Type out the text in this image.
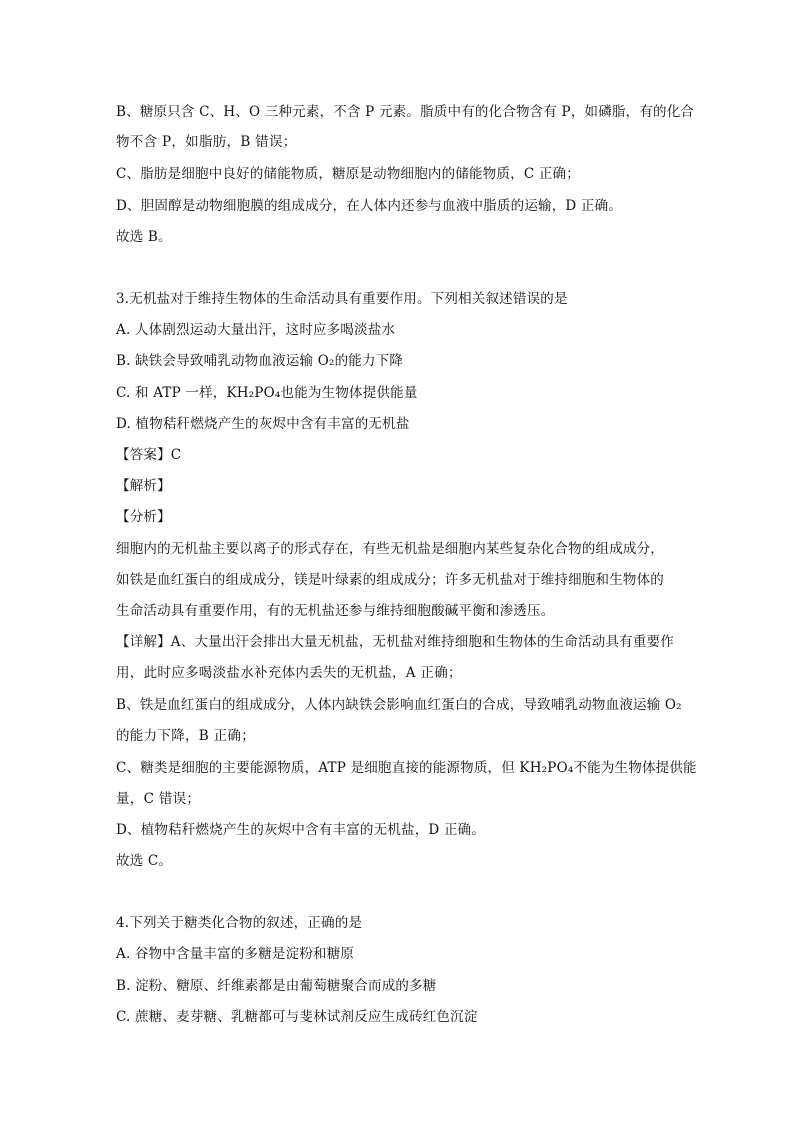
B、糖原只含 C、H、O 三种元素，不含 P 元素。脂质中有的化合物含有 P，如磷脂，有的化合
物不含 P，如脂肪，B 错误；
C、脂肪是细胞中良好的储能物质，糖原是动物细胞内的储能物质，C 正确；
D、胆固醇是动物细胞膜的组成成分，在人体内还参与血液中脂质的运输，D 正确。
故选 B。
3.无机盐对于维持生物体的生命活动具有重要作用。下列相关叙述错误的是
A. 人体剧烈运动大量出汗，这时应多喝淡盐水
B. 缺铁会导致哺乳动物血液运输 O₂的能力下降
C. 和 ATP 一样，KH₂PO₄也能为生物体提供能量
D. 植物秸秆燃烧产生的灰烬中含有丰富的无机盐
【答案】C
【解析】
【分析】
细胞内的无机盐主要以离子的形式存在，有些无机盐是细胞内某些复杂化合物的组成成分，
如铁是血红蛋白的组成成分，镁是叶绿素的组成成分；许多无机盐对于维持细胞和生物体的
生命活动具有重要作用，有的无机盐还参与维持细胞酸碱平衡和渗透压。
【详解】A、大量出汗会排出大量无机盐，无机盐对维持细胞和生物体的生命活动具有重要作
用，此时应多喝淡盐水补充体内丢失的无机盐，A 正确；
B、铁是血红蛋白的组成成分，人体内缺铁会影响血红蛋白的合成，导致哺乳动物血液运输 O₂
的能力下降，B 正确；
C、糖类是细胞的主要能源物质，ATP 是细胞直接的能源物质，但 KH₂PO₄不能为生物体提供能
量，C 错误；
D、植物秸秆燃烧产生的灰烬中含有丰富的无机盐，D 正确。
故选 C。
4.下列关于糖类化合物的叙述，正确的是
A. 谷物中含量丰富的多糖是淀粉和糖原
B. 淀粉、糖原、纤维素都是由葡萄糖聚合而成的多糖
C. 蔗糖、麦芽糖、乳糖都可与斐林试剂反应生成砖红色沉淀
